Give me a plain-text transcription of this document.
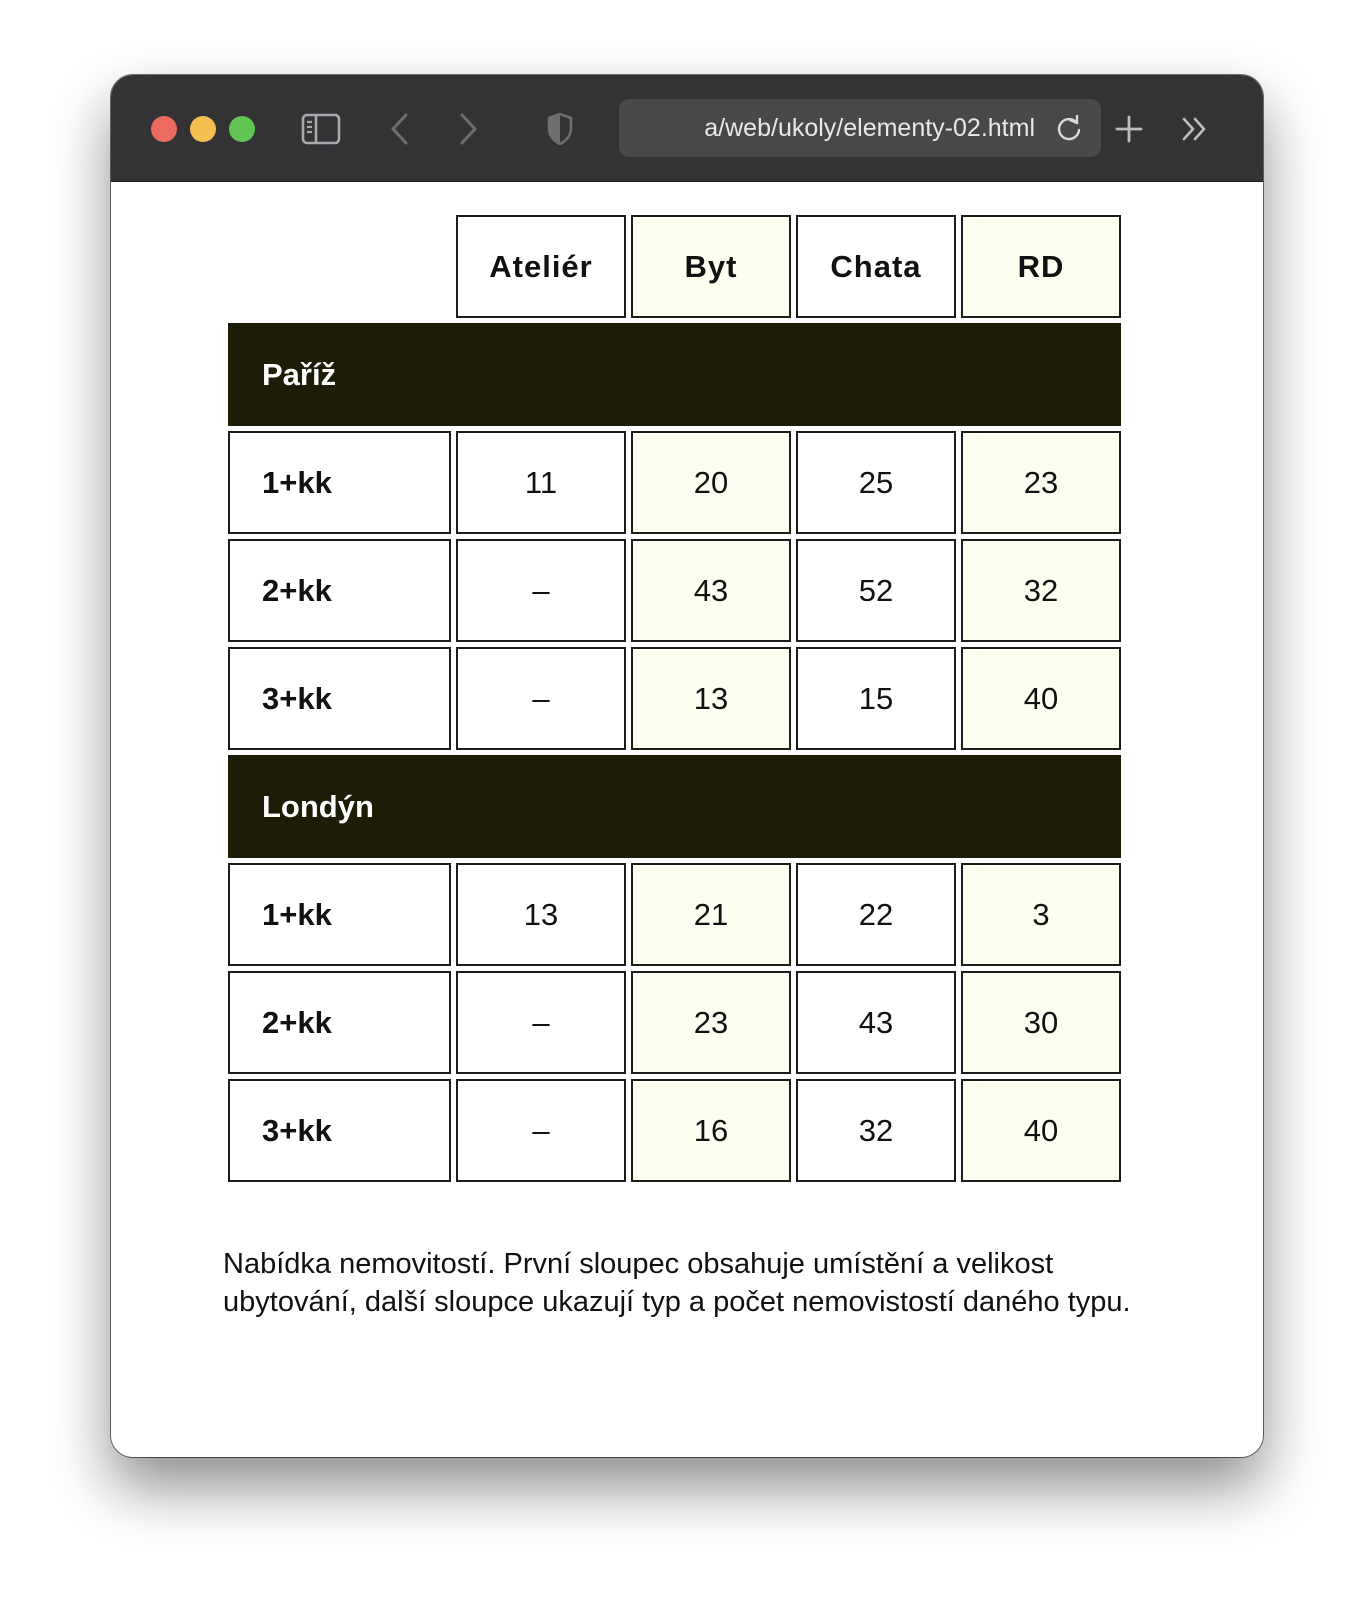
a/web/ukoly/elementy-02.html
	Ateliér	Byt	Chata	RD
Paříž				
1+kk	11	20	25	23
2+kk	–	43	52	32
3+kk	–	13	15	40
Londýn				
1+kk	13	21	22	3
2+kk	–	23	43	30
3+kk	–	16	32	40

Nabídka nemovitostí. První sloupec obsahuje umístění a velikost ubytování, další sloupce ukazují typ a počet nemovistostí daného typu.
